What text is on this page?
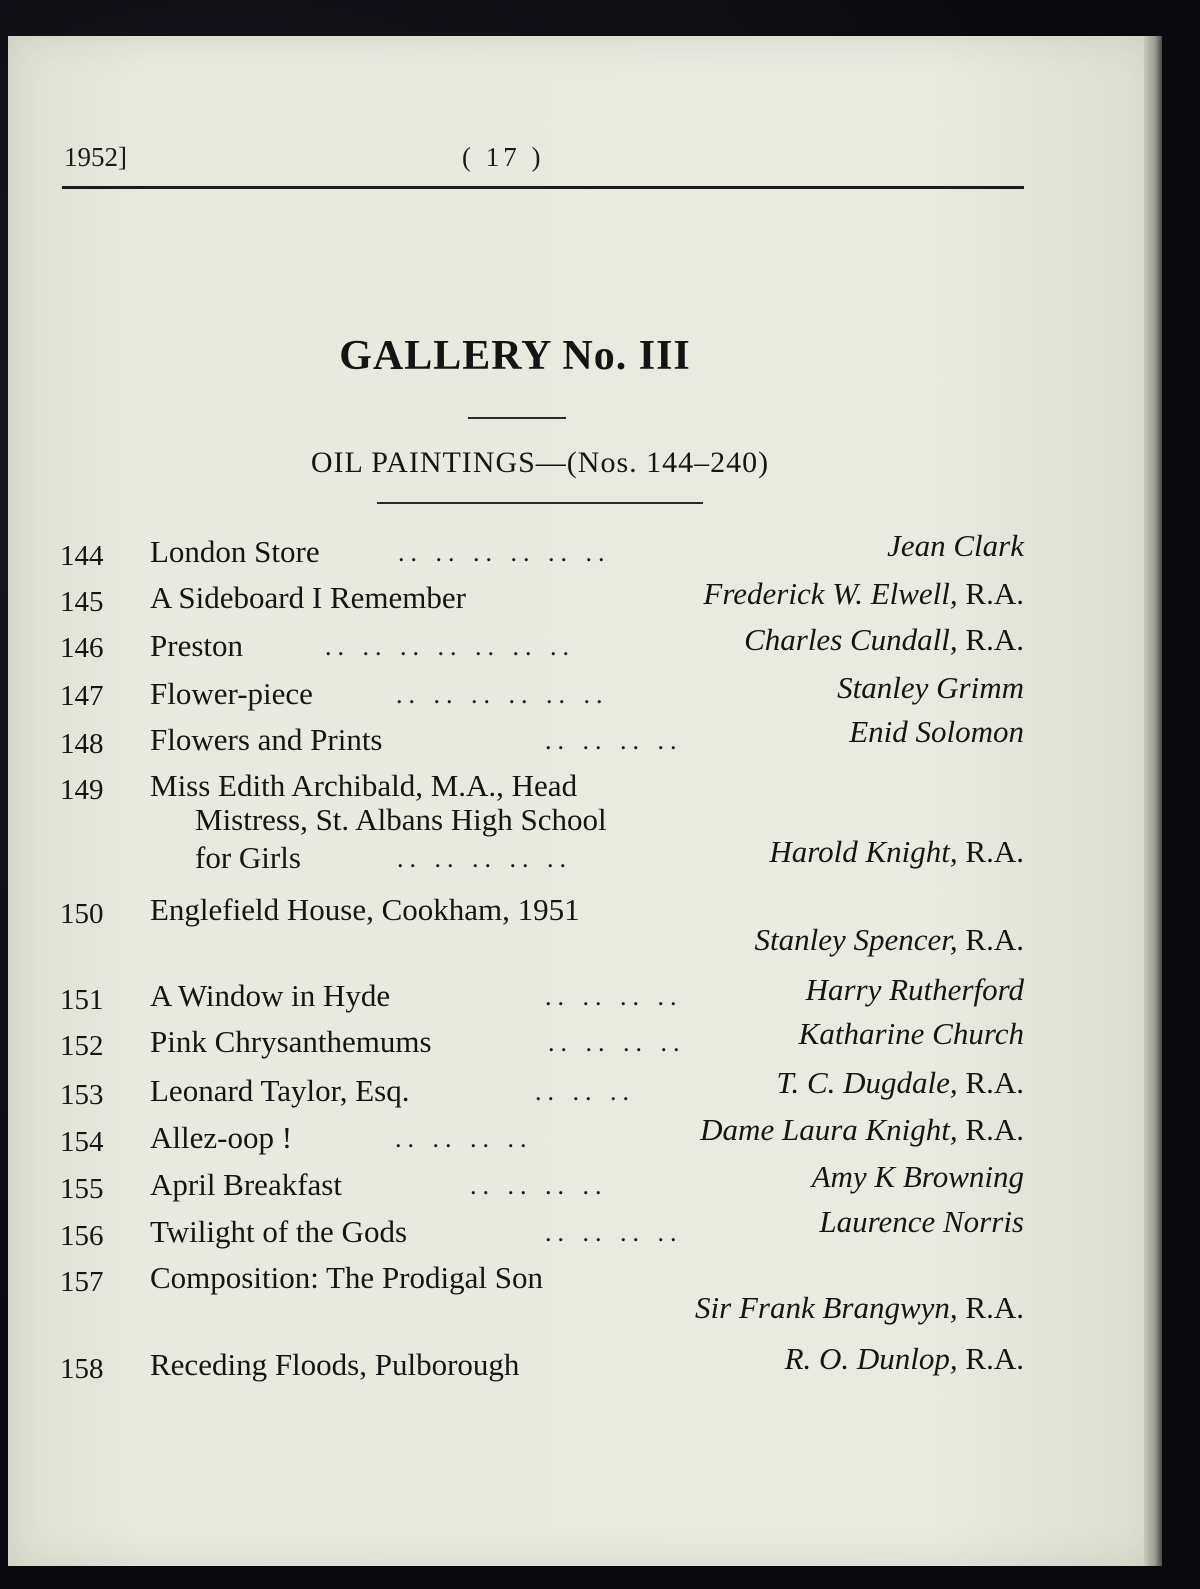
1952]	( 17 )
GALLERY No. III
OIL PAINTINGS—(Nos. 144–240)
144	London Store	.. .. .. .. .. ..	Jean Clark
145	A Sideboard I Remember	Frederick W. Elwell, R.A.
146	Preston	.. .. .. .. .. .. ..	Charles Cundall, R.A.
147	Flower-piece	.. .. .. .. .. ..	Stanley Grimm
148	Flowers and Prints	.. .. .. ..	Enid Solomon
149	Miss Edith Archibald, M.A., Head
Mistress, St. Albans High School
for Girls	.. .. .. .. ..	Harold Knight, R.A.
150	Englefield House, Cookham, 1951
Stanley Spencer, R.A.
151	A Window in Hyde	.. .. .. ..	Harry Rutherford
152	Pink Chrysanthemums	.. .. .. ..	Katharine Church
153	Leonard Taylor, Esq.	.. .. ..	T. C. Dugdale, R.A.
154	Allez-oop !	.. .. .. ..	Dame Laura Knight, R.A.
155	April Breakfast	.. .. .. ..	Amy K Browning
156	Twilight of the Gods	.. .. .. ..	Laurence Norris
157	Composition: The Prodigal Son
Sir Frank Brangwyn, R.A.
158	Receding Floods, Pulborough	R. O. Dunlop, R.A.
